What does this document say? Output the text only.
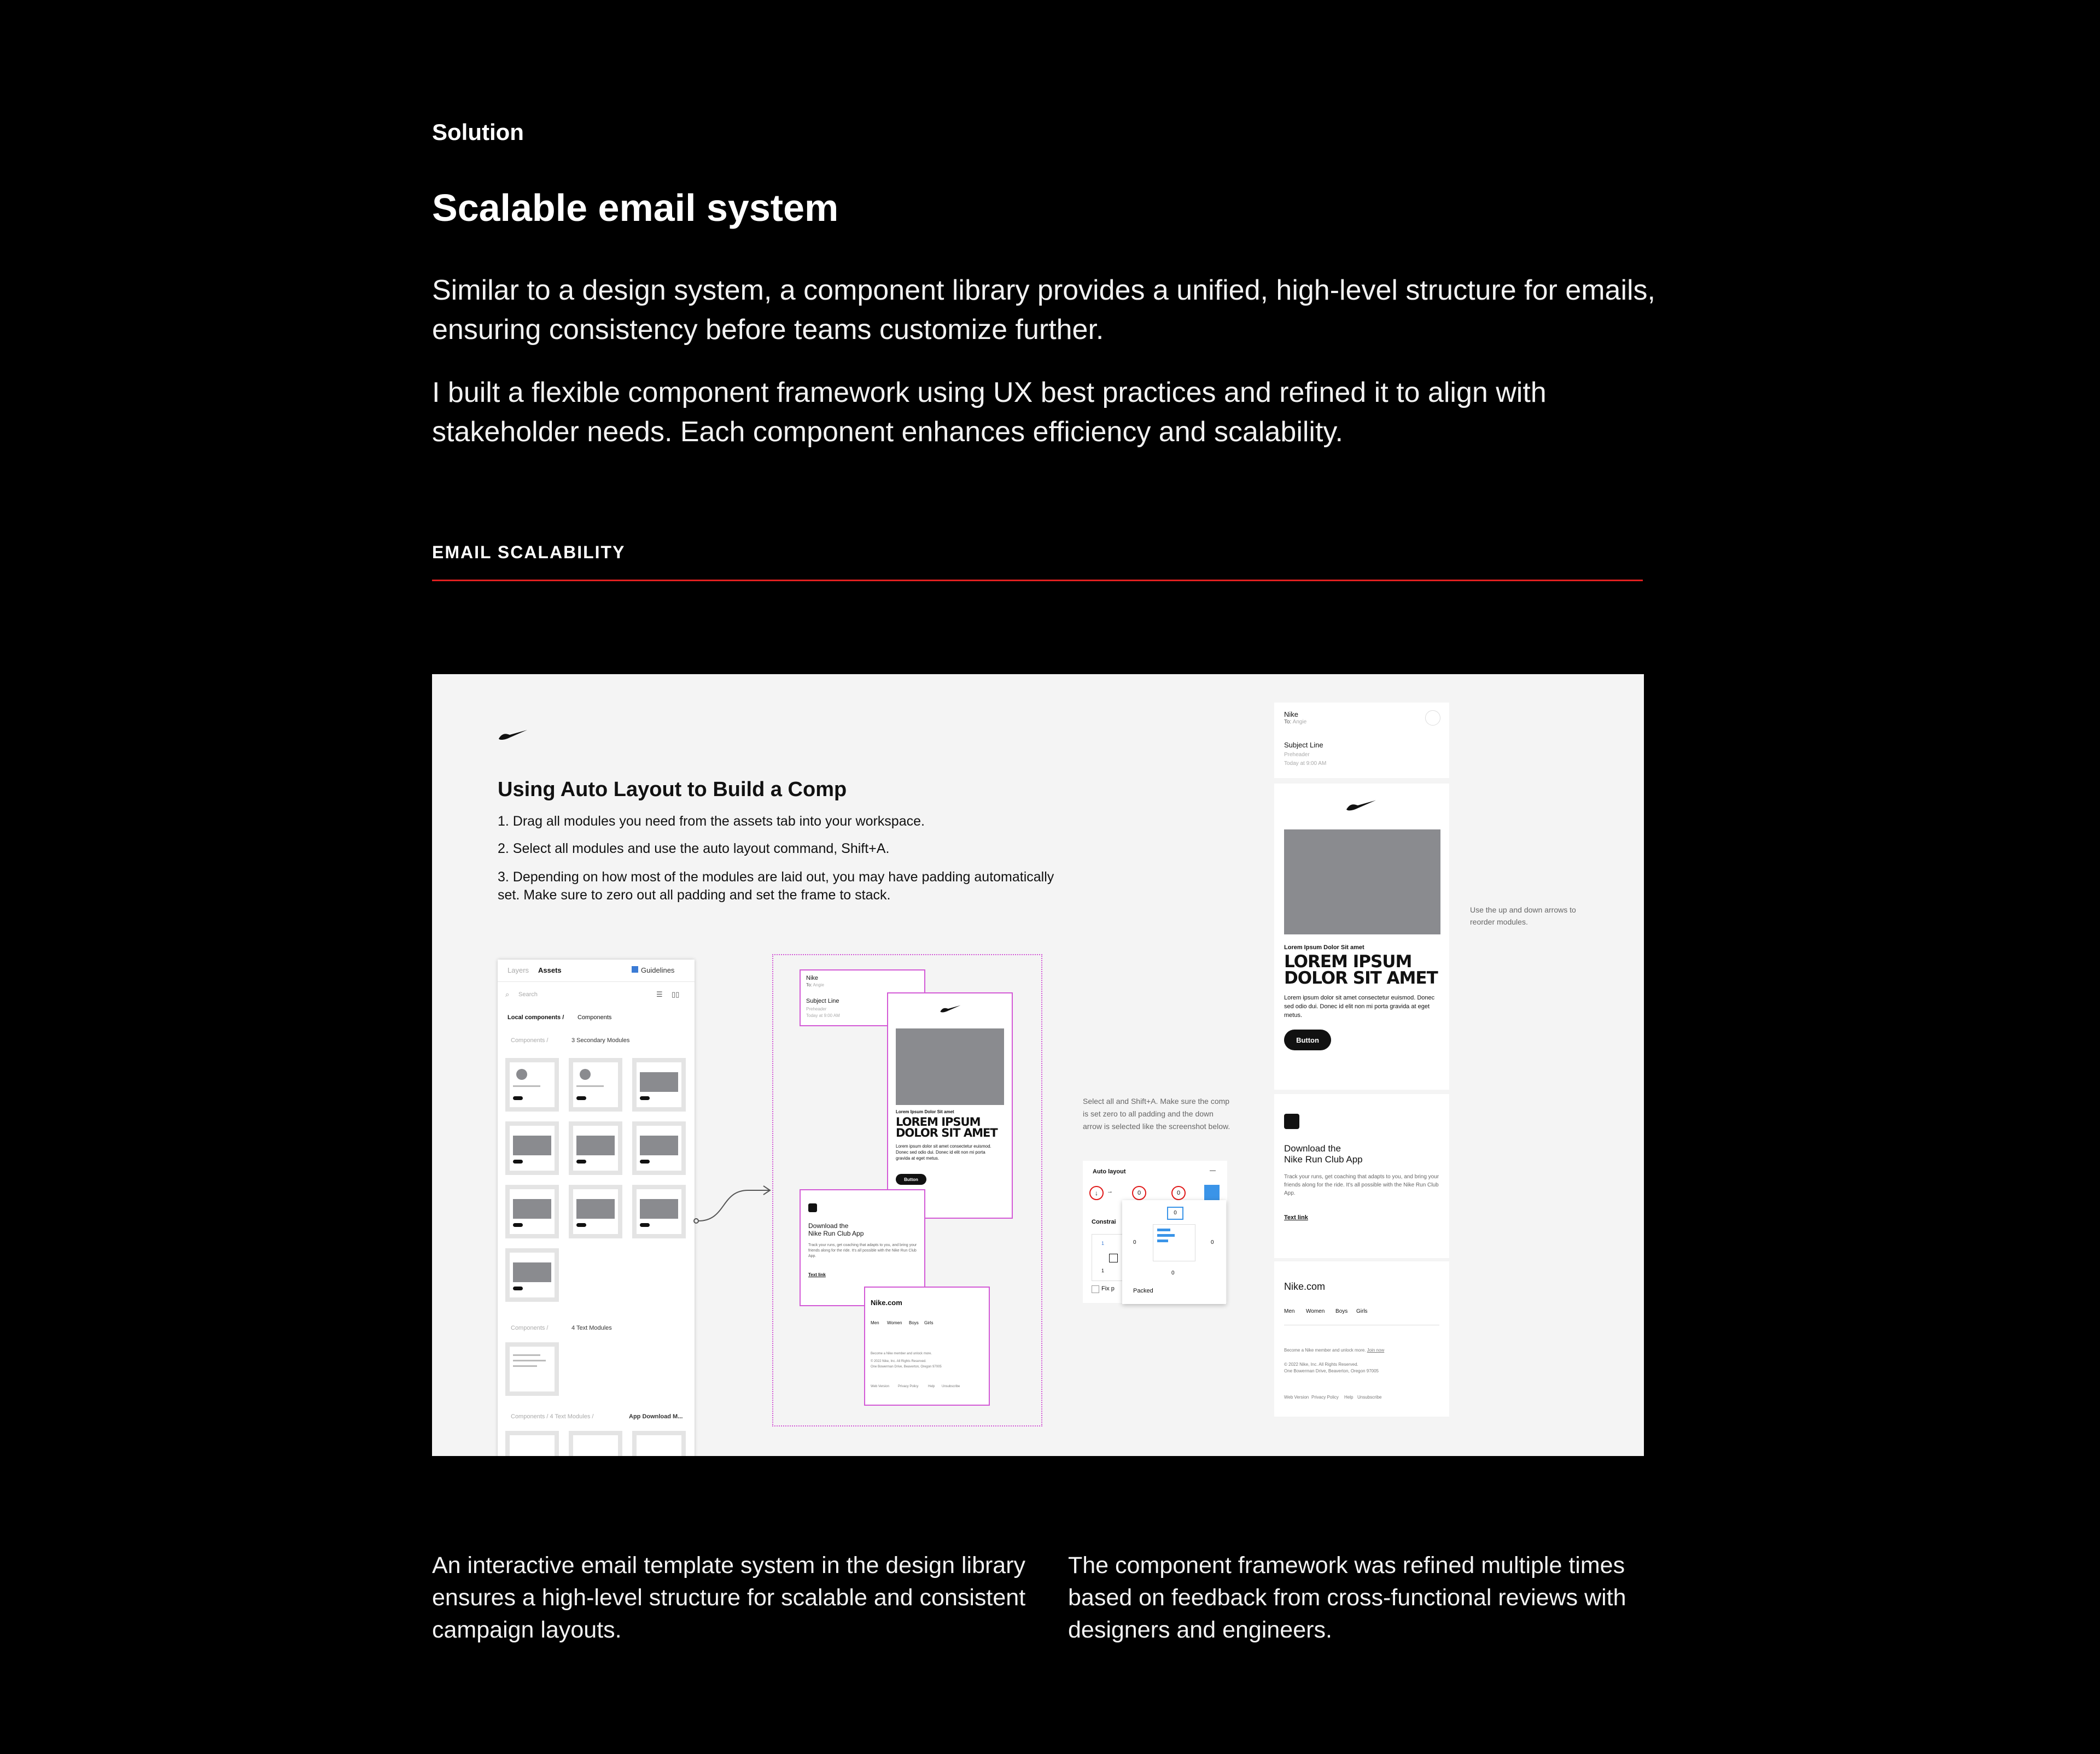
Solution
Scalable email system
Similar to a design system, a component library provides a unified, high-level structure for emails, ensuring consistency before teams customize further.
I built a flexible component framework using UX best practices and refined it to align with stakeholder needs. Each component enhances efficiency and scalability.
EMAIL SCALABILITY
Using Auto Layout to Build a Comp
1. Drag all modules you need from the assets tab into your workspace.
2. Select all modules and use the auto layout command, Shift+A.
3. Depending on how most of the modules are laid out, you may have padding automatically set. Make sure to zero out all padding and set the frame to stack.
Layers Assets	Guidelines
⌕ Search	☰ ▯▯
Local components / Components
Components /	3 Secondary Modules
Components /	4 Text Modules
Components / 4 Text Modules /	App Download M...
Nike
To: Angie
Subject Line
Preheader
Today at 9:00 AM
Lorem Ipsum Dolor Sit amet
LOREM IPSUM
DOLOR SIT AMET
Lorem ipsum dolor sit amet consectetur euismod. Donec sed odio dui. Donec id elit non mi porta gravida at eget metus.
Button
Download the
Nike Run Club App
Track your runs, get coaching that adapts to you, and bring your friends along for the ride. It's all possible with the Nike Run Club App.
Text link
Nike.com
Men Women Boys Girls
Become a Nike member and unlock more.
© 2022 Nike, Inc. All Rights Reserved.
One Bowerman Drive, Beaverton, Oregon 97005
Web Version	Privacy Policy	Help Unsubscribe
Select all and Shift+A. Make sure the comp is set zero to all padding and the down arrow is selected like the screenshot below.
Auto layout	—
↓	→	0	0
Constrai
1
1
Fix p
0
0	0
0
Packed
Nike
To: Angie
Subject Line
Preheader
Today at 9:00 AM
Lorem Ipsum Dolor Sit amet
LOREM IPSUM
DOLOR SIT AMET
Lorem ipsum dolor sit amet consectetur euismod. Donec sed odio dui. Donec id elit non mi porta gravida at eget metus.
Button
Download the
Nike Run Club App
Track your runs, get coaching that adapts to you, and bring your friends along for the ride. It's all possible with the Nike Run Club App.
Text link
Nike.com
Men Women Boys Girls
Become a Nike member and unlock more. Join now
© 2022 Nike, Inc. All Rights Reserved.
One Bowerman Drive, Beaverton, Oregon 97005
Web Version Privacy Policy Help Unsubscribe
Use the up and down arrows to reorder modules.
An interactive email template system in the design library ensures a high-level structure for scalable and consistent campaign layouts.
The component framework was refined multiple times based on feedback from cross-functional reviews with designers and engineers.
